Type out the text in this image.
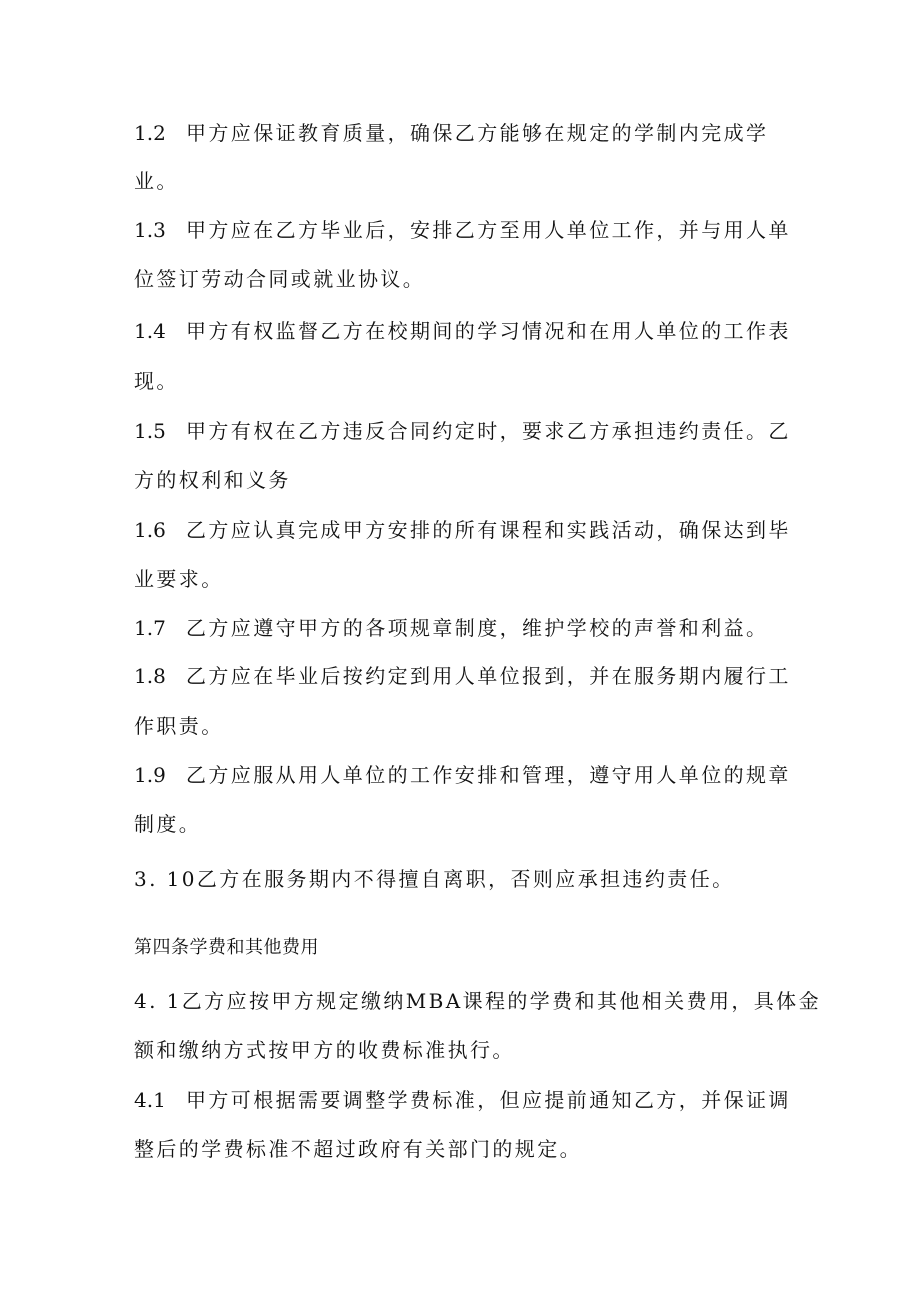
1.2 甲方应保证教育质量，确保乙方能够在规定的学制内完成学
业。
1.3 甲方应在乙方毕业后，安排乙方至用人单位工作，并与用人单
位签订劳动合同或就业协议。
1.4 甲方有权监督乙方在校期间的学习情况和在用人单位的工作表
现。
1.5 甲方有权在乙方违反合同约定时，要求乙方承担违约责任。乙
方的权利和义务
1.6 乙方应认真完成甲方安排的所有课程和实践活动，确保达到毕
业要求。
1.7 乙方应遵守甲方的各项规章制度，维护学校的声誉和利益。
1.8 乙方应在毕业后按约定到用人单位报到，并在服务期内履行工
作职责。
1.9 乙方应服从用人单位的工作安排和管理，遵守用人单位的规章
制度。
3. 10乙方在服务期内不得擅自离职，否则应承担违约责任。
第四条学费和其他费用
4. 1乙方应按甲方规定缴纳MBA课程的学费和其他相关费用，具体金
额和缴纳方式按甲方的收费标准执行。
4.1 甲方可根据需要调整学费标准，但应提前通知乙方，并保证调
整后的学费标准不超过政府有关部门的规定。
